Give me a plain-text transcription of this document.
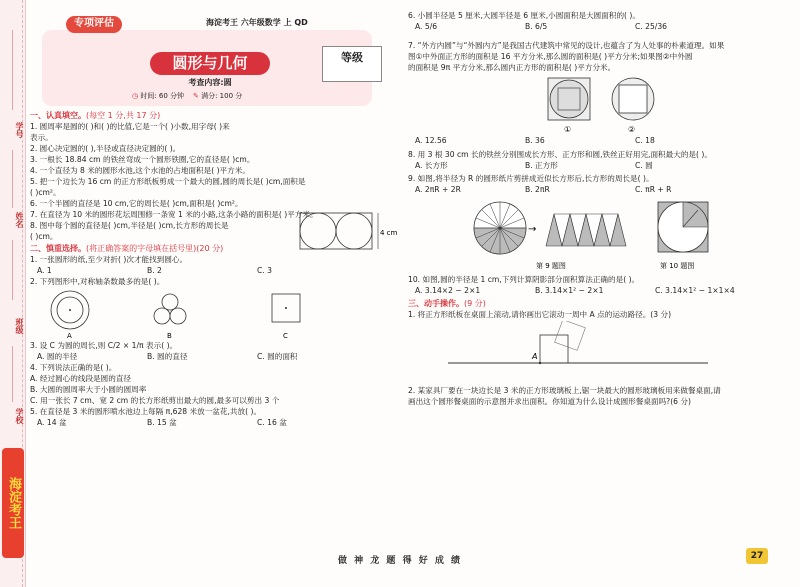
学号
姓名
班级
学校
海淀考王
专项评估	海淀考王 六年级数学 上 QD
圆形与几何	等级
考查内容:圆
◷ 时间: 60 分钟 ✎ 满分: 100 分
一、认真填空。(每空 1 分,共 17 分)
1. 圆周率是圆的( )和( )的比值,它是一个( )小数,用字母( )来
表示。
2. 圆心决定圆的( ),半径或直径决定圆的( )。
3. 一根长 18.84 cm 的铁丝弯成一个圆形铁圈,它的直径是( )cm。
4. 一个直径为 8 米的圆形水池,这个水池的占地面积是( )平方米。
5. 把一个边长为 16 cm 的正方形纸板剪成一个最大的圆,圆的周长是( )cm,面积是
( )cm²。
6. 一个半圆的直径是 10 cm,它的周长是( )cm,面积是( )cm²。
7. 在直径为 10 米的圆形花坛周围修一条宽 1 米的小路,这条小路的面积是( )平方米。
8. 图中每个圆的直径是( )cm,半径是( )cm,长方形的周长是
( )cm。	4 cm
二、慎重选择。(将正确答案的字母填在括号里)(20 分)
1. 一张圆形的纸,至少对折( )次才能找到圆心。
A. 1	B. 2	C. 3
2. 下列图形中,对称轴条数最多的是( )。
A	B	C
3. 设 C 为圆的周长,则 C/2 × 1/π 表示( )。
A. 圆的半径	B. 圆的直径	C. 圆的面积
4. 下列说法正确的是( )。
A. 经过圆心的线段是圆的直径
B. 大圆的圆周率大于小圆的圆周率
C. 用一张长 7 cm、宽 2 cm 的长方形纸剪出最大的圆,最多可以剪出 3 个
5. 在直径是 3 米的圆形喷水池边上每隔 π,628 米放一盆花,共放( )。
A. 14 盆	B. 15 盆	C. 16 盆
6. 小圆半径是 5 厘米,大圆半径是 6 厘米,小圆面积是大圆面积的( )。
A. 5/6	B. 6/5	C. 25/36
7. “外方内圆”与“外圆内方”是我国古代建筑中常见的设计,也蕴含了为人处事的朴素道理。如果
图①中外面正方形的面积是 16 平方分米,那么圆的面积是( )平方分米;如果图②中外圆
的面积是 9π 平方分米,那么圆内正方形的面积是( )平方分米。
①	②
A. 12.56	B. 36	C. 18
8. 用 3 根 30 cm 长的铁丝分别围成长方形、正方形和圆,铁丝正好用完,面积最大的是( )。
A. 长方形	B. 正方形	C. 圆
9. 如图,将半径为 R 的圆形纸片剪拼成近似长方形后,长方形的周长是( )。
A. 2πR + 2R	B. 2πR	C. πR + R
→
第 9 题图	第 10 题图
10. 如图,圆的半径是 1 cm,下列计算阴影部分面积算法正确的是( )。
A. 3.14×2 − 2×1	B. 3.14×1² − 2×1	C. 3.14×1² − 1×1×4
三、动手操作。(9 分)
1. 将正方形纸板在桌面上滚动,请你画出它滚动一周中 A 点的运动路径。(3 分)
A
2. 某家具厂要在一块边长是 3 米的正方形玻璃板上,锯一块最大的圆形玻璃板用来做餐桌面,请
画出这个圆形餐桌面的示意图并求出面积。你知道为什么设计成圆形餐桌面吗?(6 分)
做 神 龙 题 得 好 成 绩	27
